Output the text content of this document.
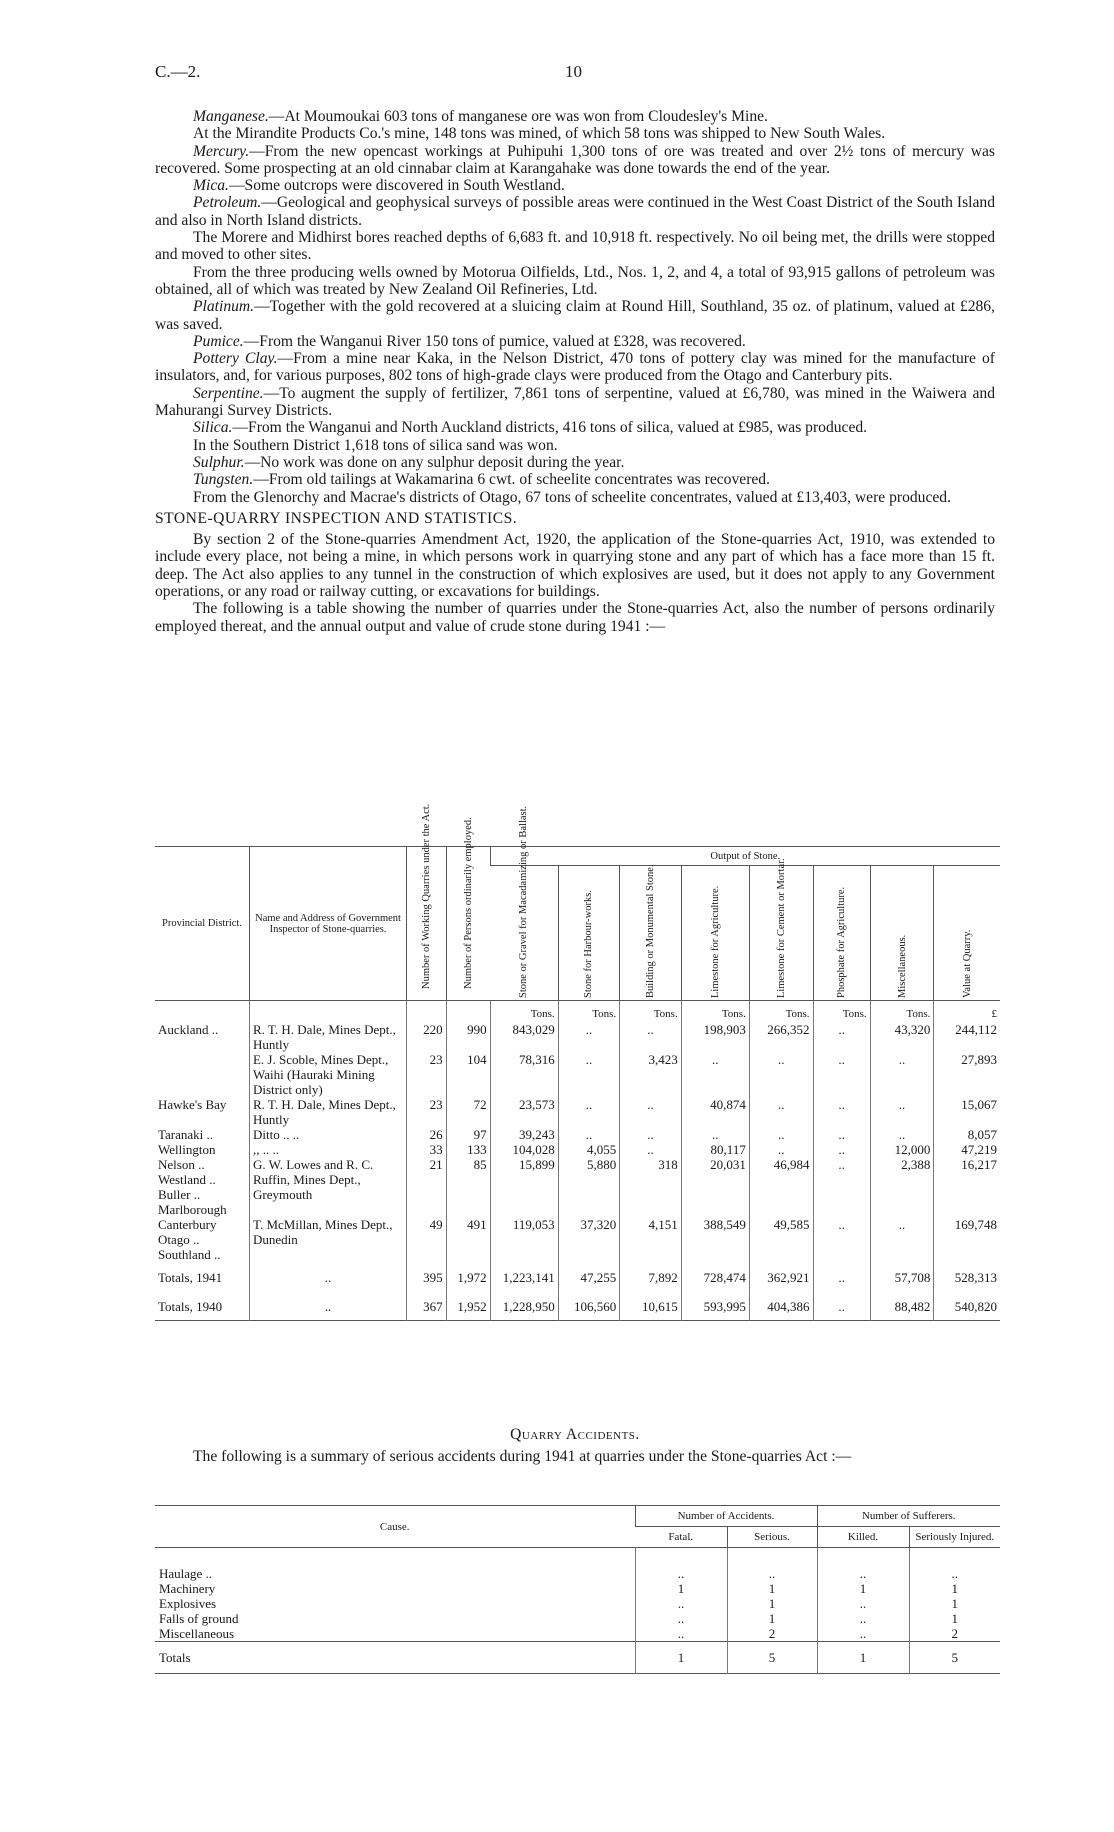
C.—2.	10

Manganese.—At Moumoukai 603 tons of manganese ore was won from Cloudesley's Mine.

At the Mirandite Products Co.'s mine, 148 tons was mined, of which 58 tons was shipped to New South Wales.

Mercury.—From the new opencast workings at Puhipuhi 1,300 tons of ore was treated and over 2½ tons of mercury was recovered. Some prospecting at an old cinnabar claim at Karangahake was done towards the end of the year.

Mica.—Some outcrops were discovered in South Westland.

Petroleum.—Geological and geophysical surveys of possible areas were continued in the West Coast District of the South Island and also in North Island districts.

The Morere and Midhirst bores reached depths of 6,683 ft. and 10,918 ft. respectively. No oil being met, the drills were stopped and moved to other sites.

From the three producing wells owned by Motorua Oilfields, Ltd., Nos. 1, 2, and 4, a total of 93,915 gallons of petroleum was obtained, all of which was treated by New Zealand Oil Refineries, Ltd.

Platinum.—Together with the gold recovered at a sluicing claim at Round Hill, Southland, 35 oz. of platinum, valued at £286, was saved.

Pumice.—From the Wanganui River 150 tons of pumice, valued at £328, was recovered.

Pottery Clay.—From a mine near Kaka, in the Nelson District, 470 tons of pottery clay was mined for the manufacture of insulators, and, for various purposes, 802 tons of high-grade clays were produced from the Otago and Canterbury pits.

Serpentine.—To augment the supply of fertilizer, 7,861 tons of serpentine, valued at £6,780, was mined in the Waiwera and Mahurangi Survey Districts.

Silica.—From the Wanganui and North Auckland districts, 416 tons of silica, valued at £985, was produced.

In the Southern District 1,618 tons of silica sand was won.

Sulphur.—No work was done on any sulphur deposit during the year.

Tungsten.—From old tailings at Wakamarina 6 cwt. of scheelite concentrates was recovered.

From the Glenorchy and Macrae's districts of Otago, 67 tons of scheelite concentrates, valued at £13,403, were produced.

STONE-QUARRY INSPECTION AND STATISTICS.

By section 2 of the Stone-quarries Amendment Act, 1920, the application of the Stone-quarries Act, 1910, was extended to include every place, not being a mine, in which persons work in quarrying stone and any part of which has a face more than 15 ft. deep. The Act also applies to any tunnel in the construction of which explosives are used, but it does not apply to any Government operations, or any road or railway cutting, or excavations for buildings.

The following is a table showing the number of quarries under the Stone-quarries Act, also the number of persons ordinarily employed thereat, and the annual output and value of crude stone during 1941 :—

Provincial District.	Name and Address of Government Inspector of Stone-quarries.	Number of Working Quarries under the Act.	Number of Persons ordinarily employed.	Output of Stone.							

				Stone or Gravel for Macadamizing or Ballast.	Stone for Harbour-works.	Building or Monumental Stone.	Limestone for Agriculture.	Limestone for Cement or Mortar.	Phosphate for Agriculture.	Miscellaneous.	Value at Quarry.

				Tons.	Tons.	Tons.	Tons.	Tons.	Tons.	Tons.	£
Auckland ..	R. T. H. Dale, Mines Dept., Huntly	220	990	843,029	..	..	198,903	266,352	..	43,320	244,112
	E. J. Scoble, Mines Dept., Waihi (Hauraki Mining District only)	23	104	78,316	..	3,423	..	..	..	..	27,893
Hawke's Bay	R. T. H. Dale, Mines Dept., Huntly	23	72	23,573	..	..	40,874	..	..	..	15,067
Taranaki ..	Ditto .. ..	26	97	39,243	..	..	..	..	..	..	8,057
Wellington	,, .. ..	33	133	104,028	4,055	..	80,117	..	..	12,000	47,219
Nelson .. Westland .. Buller .. Marlborough	G. W. Lowes and R. C. Ruffin, Mines Dept., Greymouth	21	85	15,899	5,880	318	20,031	46,984	..	2,388	16,217
Canterbury Otago .. Southland ..	T. McMillan, Mines Dept., Dunedin	49	491	119,053	37,320	4,151	388,549	49,585	..	..	169,748
Totals, 1941	..	395	1,972	1,223,141	47,255	7,892	728,474	362,921	..	57,708	528,313
Totals, 1940	..	367	1,952	1,228,950	106,560	10,615	593,995	404,386	..	88,482	540,820
Quarry Accidents.
The following is a summary of serious accidents during 1941 at quarries under the Stone-quarries Act :—
Cause.	Number of Accidents.		Number of Sufferers.	
	Fatal.	Serious.	Killed.	Seriously Injured.
Haulage ..	..	..	..	..
Machinery	1	1	1	1
Explosives	..	1	..	1
Falls of ground	..	1	..	1
Miscellaneous	..	2	..	2
Totals	1	5	1	5
